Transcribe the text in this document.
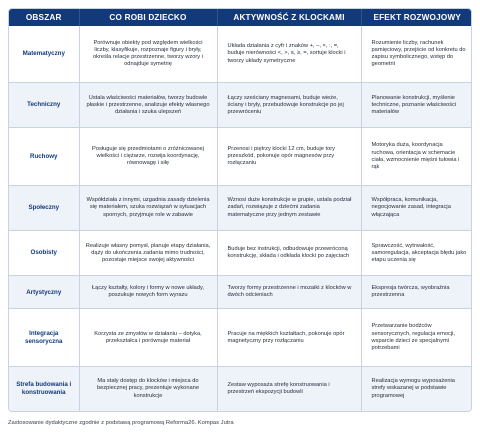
OBSZAR	CO ROBI DZIECKO	AKTYWNOŚĆ Z KLOCKAMI	EFEKT ROZWOJOWY
Matematyczny	Porównuje obiekty pod względem wielkości liczby, klasyfikuje, rozpoznaje figury i bryły, określa relacje przestrzenne, tworzy wzory i odnajduje symetrię	Układa działania z cyfr i znaków +, –, ×, :, =, buduje nierówności <, >, ≤, ≥, =, sortuje klocki i tworzy układy symetryczne	Rozumienie liczby, rachunek pamięciowy, przejście od konkretu do zapisu symbolicznego, wstęp do geometrii
Techniczny	Ustala właściwości materiałów, tworzy budowle płaskie i przestrzenne, analizuje efekty własnego działania i szuka ulepszeń	Łączy sześciany magnesami, buduje wieże, ściany i bryły, przebudowuje konstrukcje po jej przewróceniu	Planowanie konstrukcji, myślenie techniczne, poznanie właściwości materiałów
Ruchowy	Posługuje się przedmiotami o zróżnicowanej wielkości i ciężarze, rozwija koordynację, równowagę i siłę	Przenosi i piętrzy klocki 12 cm, buduje tory przeszkód, pokonuje opór magnesów przy rozłączaniu	Motoryka duża, koordynacja ruchowa, orientacja w schemacie ciała, wzmocnienie mięśni tułowia i rąk
Społeczny	Współdziała z innymi, uzgadnia zasady dzielenia się materiałem, szuka rozwiązań w sytuacjach spornych, przyjmuje role w zabawie	Wznosi duże konstrukcje w grupie, ustala podział zadań, rozwiązuje z dziećmi zadania matematyczne przy jednym zestawie	Współpraca, komunikacja, negocjowanie zasad, integracja włączająca
Osobisty	Realizuje własny pomysł, planuje etapy działania, dąży do ukończenia zadania mimo trudności, pozostaje miejsce swojej aktywności	Buduje bez instrukcji, odbudowuje przewróconą konstrukcję, składa i odkłada klocki po zajęciach	Sprawczość, wytrwałość, samoregulacja, akceptacja błędu jako etapu uczenia się
Artystyczny	Łączy kształty, kolory i formy w nowe układy, poszukuje nowych form wyrazu	Tworzy formy przestrzenne i mozaiki z klocków w dwóch odcieniach	Ekspresja twórcza, wyobraźnia przestrzenna
Integracja sensoryczna	Korzysta ze zmysłów w działaniu – dotyka, przekształca i porównuje materiał	Pracuje na miękkich kształtach, pokonuje opór magnetyczny przy rozłączaniu	Przetwarzanie bodźców sensorycznych, regulacja emocji, wsparcie dzieci ze specjalnymi potrzebami
Strefa budowania i konstruowania	Ma stały dostęp do klocków i miejsca do bezpiecznej pracy, prezentuje wykonane konstrukcje	Zestaw wyposaża strefę konstruowania i przestrzeń ekspozycji budowli	Realizacja wymogu wyposażenia strefy wskazanej w podstawie programowej
Zastosowanie dydaktyczne zgodnie z podstawą programową Reforma26. Kompas Jutra
